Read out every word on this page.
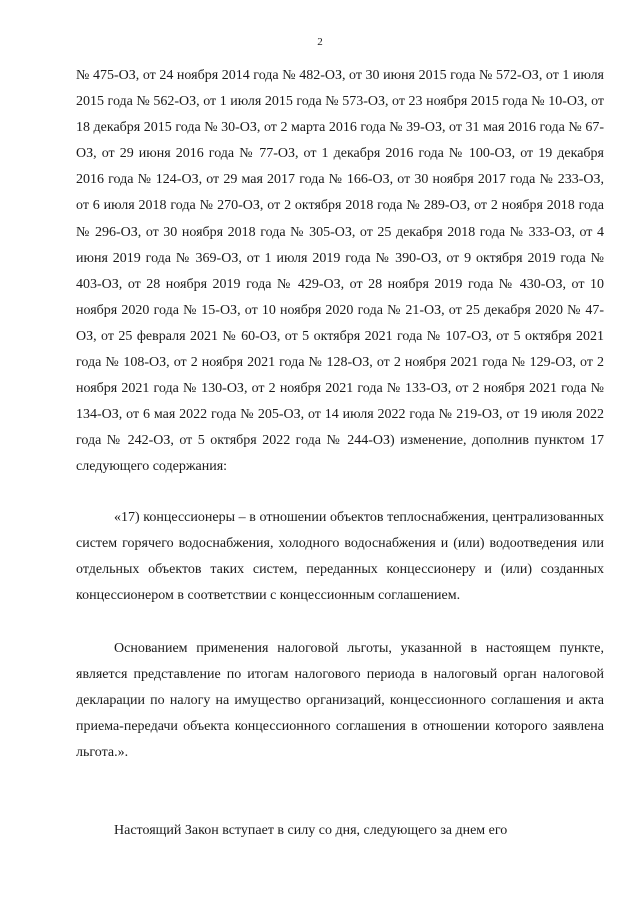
2

№ 475-ОЗ, от 24 ноября 2014 года № 482-ОЗ, от 30 июня 2015 года № 572-ОЗ, от 1 июля 2015 года № 562-ОЗ, от 1 июля 2015 года № 573-ОЗ, от 23 ноября 2015 года № 10-ОЗ, от 18 декабря 2015 года № 30-ОЗ, от 2 марта 2016 года № 39-ОЗ, от 31 мая 2016 года № 67-ОЗ, от 29 июня 2016 года № 77-ОЗ, от 1 декабря 2016 года № 100-ОЗ, от 19 декабря 2016 года № 124-ОЗ, от 29 мая 2017 года № 166-ОЗ, от 30 ноября 2017 года № 233-ОЗ, от 6 июля 2018 года № 270-ОЗ, от 2 октября 2018 года № 289-ОЗ, от 2 ноября 2018 года № 296-ОЗ, от 30 ноября 2018 года № 305-ОЗ, от 25 декабря 2018 года № 333-ОЗ, от 4 июня 2019 года № 369-ОЗ, от 1 июля 2019 года № 390-ОЗ, от 9 октября 2019 года № 403-ОЗ, от 28 ноября 2019 года № 429-ОЗ, от 28 ноября 2019 года № 430-ОЗ, от 10 ноября 2020 года № 15-ОЗ, от 10 ноября 2020 года № 21-ОЗ, от 25 декабря 2020 № 47-ОЗ, от 25 февраля 2021 № 60-ОЗ, от 5 октября 2021 года № 107-ОЗ, от 5 октября 2021 года № 108-ОЗ, от 2 ноября 2021 года № 128-ОЗ, от 2 ноября 2021 года № 129-ОЗ, от 2 ноября 2021 года № 130-ОЗ, от 2 ноября 2021 года № 133-ОЗ, от 2 ноября 2021 года № 134-ОЗ, от 6 мая 2022 года № 205-ОЗ, от 14 июля 2022 года № 219-ОЗ, от 19 июля 2022 года № 242-ОЗ, от 5 октября 2022 года № 244-ОЗ) изменение, дополнив пунктом 17 следующего содержания:

«17) концессионеры – в отношении объектов теплоснабжения, централизованных систем горячего водоснабжения, холодного водоснабжения и (или) водоотведения или отдельных объектов таких систем, переданных концессионеру и (или) созданных концессионером в соответствии с концессионным соглашением.

Основанием применения налоговой льготы, указанной в настоящем пункте, является представление по итогам налогового периода в налоговый орган налоговой декларации по налогу на имущество организаций, концессионного соглашения и акта приема-передачи объекта концессионного соглашения в отношении которого заявлена льгота.».

Настоящий Закон вступает в силу со дня, следующего за днем его
